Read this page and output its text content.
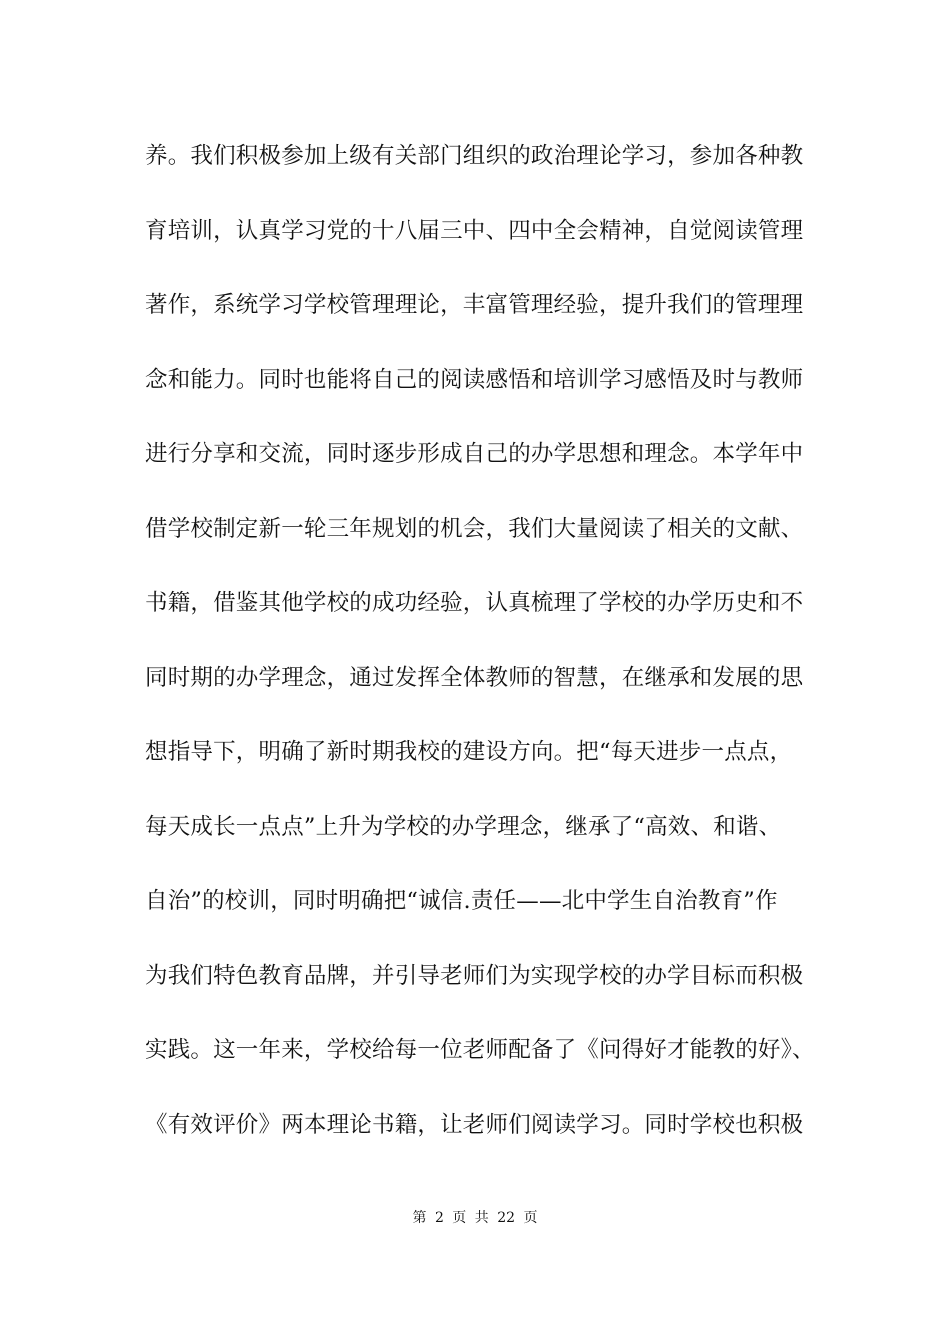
养。我们积极参加上级有关部门组织的政治理论学习，参加各种教
育培训，认真学习党的十八届三中、四中全会精神，自觉阅读管理
著作，系统学习学校管理理论，丰富管理经验，提升我们的管理理
念和能力。同时也能将自己的阅读感悟和培训学习感悟及时与教师
进行分享和交流，同时逐步形成自己的办学思想和理念。本学年中
借学校制定新一轮三年规划的机会，我们大量阅读了相关的文献、
书籍，借鉴其他学校的成功经验，认真梳理了学校的办学历史和不
同时期的办学理念，通过发挥全体教师的智慧，在继承和发展的思
想指导下，明确了新时期我校的建设方向。把“每天进步一点点，
每天成长一点点”上升为学校的办学理念，继承了“高效、和谐、
自治”的校训，同时明确把“诚信.责任——北中学生自治教育”作
为我们特色教育品牌，并引导老师们为实现学校的办学目标而积极
实践。这一年来，学校给每一位老师配备了《问得好才能教的好》、
《有效评价》两本理论书籍，让老师们阅读学习。同时学校也积极
第 2 页 共 22 页
